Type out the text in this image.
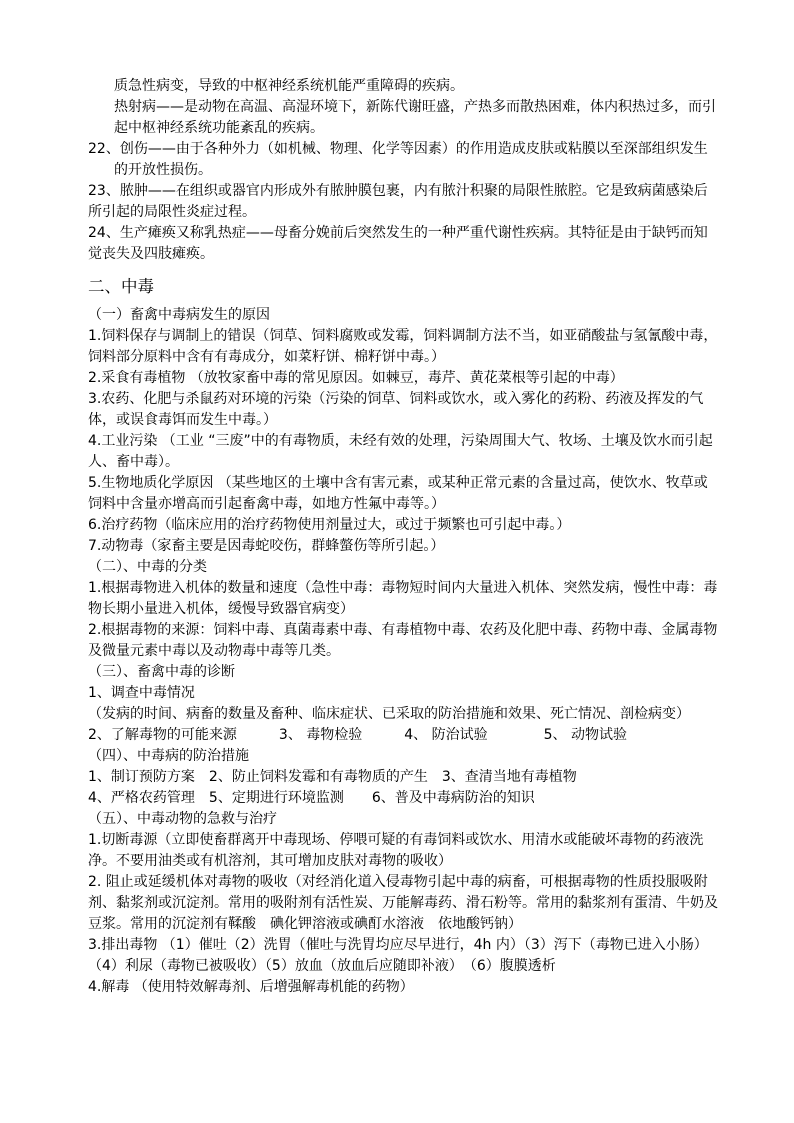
质急性病变，导致的中枢神经系统机能严重障碍的疾病。
热射病——是动物在高温、高湿环境下，新陈代谢旺盛，产热多而散热困难，体内积热过多，而引起中枢神经系统功能紊乱的疾病。
22、创伤——由于各种外力（如机械、物理、化学等因素）的作用造成皮肤或粘膜以至深部组织发生的开放性损伤。
23、脓肿——在组织或器官内形成外有脓肿膜包裹，内有脓汁积聚的局限性脓腔。它是致病菌感染后所引起的局限性炎症过程。
24、生产瘫痪又称乳热症——母畜分娩前后突然发生的一种严重代谢性疾病。其特征是由于缺钙而知觉丧失及四肢瘫痪。
二、中毒
（一）畜禽中毒病发生的原因
1.饲料保存与调制上的错误（饲草、饲料腐败或发霉，饲料调制方法不当，如亚硝酸盐与氢氰酸中毒，饲料部分原料中含有有毒成分，如菜籽饼、棉籽饼中毒。）
2.采食有毒植物 （放牧家畜中毒的常见原因。如棘豆，毒芹、黄花菜根等引起的中毒）
3.农药、化肥与杀鼠药对环境的污染（污染的饲草、饲料或饮水，或入雾化的药粉、药液及挥发的气体，或误食毒饵而发生中毒。）
4.工业污染 （工业 “三废”中的有毒物质，未经有效的处理，污染周围大气、牧场、土壤及饮水而引起人、畜中毒）。
5.生物地质化学原因 （某些地区的土壤中含有害元素，或某种正常元素的含量过高，使饮水、牧草或饲料中含量亦增高而引起畜禽中毒，如地方性氟中毒等。）
6.治疗药物（临床应用的治疗药物使用剂量过大，或过于频繁也可引起中毒。）
7.动物毒（家畜主要是因毒蛇咬伤，群蜂螫伤等所引起。）
（二）、中毒的分类
1.根据毒物进入机体的数量和速度（急性中毒：毒物短时间内大量进入机体、突然发病，慢性中毒：毒物长期小量进入机体，缓慢导致器官病变）
2.根据毒物的来源：饲料中毒、真菌毒素中毒、有毒植物中毒、农药及化肥中毒、药物中毒、金属毒物及微量元素中毒以及动物毒中毒等几类。
（三）、畜禽中毒的诊断
1、调查中毒情况
（发病的时间、病畜的数量及畜种、临床症状、已采取的防治措施和效果、死亡情况、剖检病变）
2、了解毒物的可能来源　　　3、 毒物检验　　　4、 防治试验　　　　5、 动物试验
（四）、中毒病的防治措施
1、制订预防方案　2、防止饲料发霉和有毒物质的产生　3、查清当地有毒植物
4、严格农药管理　5、定期进行环境监测　　6、普及中毒病防治的知识
（五）、中毒动物的急救与治疗
1.切断毒源（立即使畜群离开中毒现场、停喂可疑的有毒饲料或饮水、用清水或能破坏毒物的药液洗净。不要用油类或有机溶剂，其可增加皮肤对毒物的吸收）
2. 阻止或延缓机体对毒物的吸收（对经消化道入侵毒物引起中毒的病畜，可根据毒物的性质投服吸附剂、黏浆剂或沉淀剂。常用的吸附剂有活性炭、万能解毒药、滑石粉等。常用的黏浆剂有蛋清、牛奶及豆浆。常用的沉淀剂有鞣酸　碘化钾溶液或碘酊水溶液　依地酸钙钠）
3.排出毒物 （1）催吐（2）洗胃（催吐与洗胃均应尽早进行，4h 内）（3）泻下（毒物已进入小肠）（4）利尿（毒物已被吸收）（5）放血（放血后应随即补液）　（6）腹膜透析
4.解毒 （使用特效解毒剂、后增强解毒机能的药物）
